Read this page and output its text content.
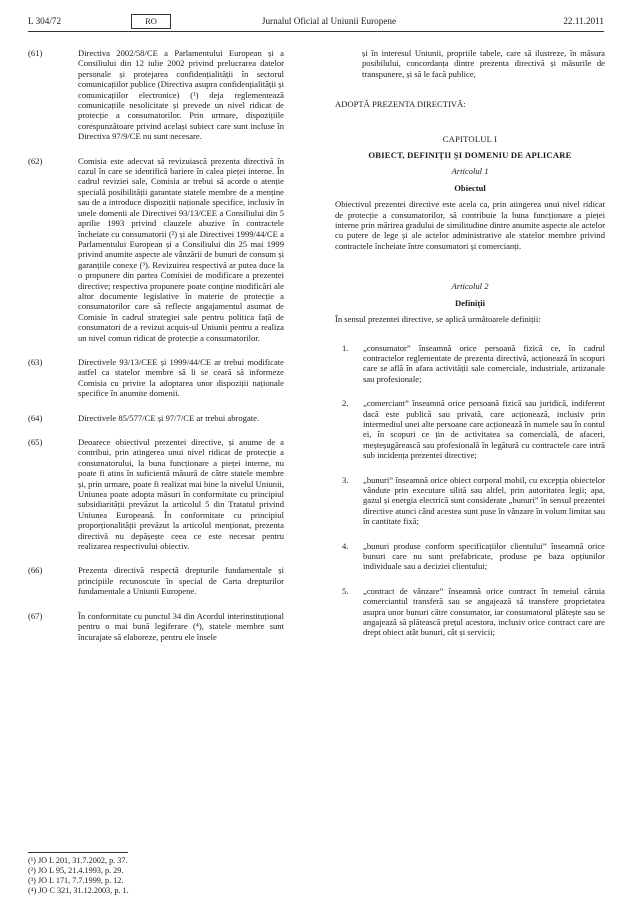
L 304/72	RO	Jurnalul Oficial al Uniunii Europene	22.11.2011
(61)	Directiva 2002/58/CE a Parlamentului European și a Consiliului din 12 iulie 2002 privind prelucrarea datelor personale și protejarea confidențialității în sectorul comunicațiilor publice (Directiva asupra confidențialității și comunicațiilor electronice) (¹) deja reglementează comunicațiile nesolicitate și prevede un nivel ridicat de protecție a consumatorilor. Prin urmare, dispozițiile corespunzătoare privind același subiect care sunt incluse în Directiva 97/9/CE nu sunt necesare.
(62)	Comisia este adecvat să revizuiască prezenta directivă în cazul în care se identifică bariere în calea pieței interne. În cadrul reviziei sale, Comisia ar trebui să acorde o atenție specială posibilității garantate statele membre de a menține sau de a introduce dispoziții naționale specifice, inclusiv în unele domenii ale Directivei 93/13/CEE a Consiliului din 5 aprilie 1993 privind clauzele abuzive în contractele încheiate cu consumatorii (²) și ale Directivei 1999/44/CE a Parlamentului European și a Consiliului din 25 mai 1999 privind anumite aspecte ale vânzării de bunuri de consum și garanțiile conexe (³). Revizuirea respectivă ar putea duce la o propunere din partea Comisiei de modificare a prezentei directive; respectiva propunere poate conține modificări ale altor documente legislative în materie de protecție a consumatorilor care să reflecte angajamentul asumat de Comisie în cadrul strategiei sale pentru politica față de consumatori de a revizui acquis-ul Uniunii pentru a realiza un nivel comun ridicat de protecție a consumatorilor.
(63)	Directivele 93/13/CEE și 1999/44/CE ar trebui modificate astfel ca statelor membre să li se ceară să informeze Comisia cu privire la adoptarea unor dispoziții naționale specifice în anumite domenii.
(64)	Directivele 85/577/CE și 97/7/CE ar trebui abrogate.
(65)	Deoarece obiectivul prezentei directive, și anume de a contribui, prin atingerea unui nivel ridicat de protecție a consumatorului, la buna funcționare a pieței interne, nu poate fi atins în suficientă măsură de către statele membre și, prin urmare, poate fi realizat mai bine la nivelul Uniunii, Uniunea poate adopta măsuri în conformitate cu principiul subsidiarității prevăzut la articolul 5 din Tratatul privind Uniunea Europeană. În conformitate cu principiul proporționalității prevăzut la articolul menționat, prezenta directivă nu depășește ceea ce este necesar pentru realizarea respectivului obiectiv.
(66)	Prezenta directivă respectă drepturile fundamentale și principiile recunoscute în special de Carta drepturilor fundamentale a Uniunii Europene.
(67)	În conformitate cu punctul 34 din Acordul interinstituțional pentru o mai bună legiferare (⁴), statele membre sunt încurajate să elaboreze, pentru ele însele
(¹) JO L 201, 31.7.2002, p. 37.
(²) JO L 95, 21.4.1993, p. 29.
(³) JO L 171, 7.7.1999, p. 12.
(⁴) JO C 321, 31.12.2003, p. 1.
și în interesul Uniunii, propriile tabele, care să ilustreze, în măsura posibilului, concordanța dintre prezenta directivă și măsurile de transpunere, și să le facă publice,
ADOPTĂ PREZENTA DIRECTIVĂ:
CAPITOLUL I
OBIECT, DEFINIȚII ȘI DOMENIU DE APLICARE
Articolul 1
Obiectul
Obiectivul prezentei directive este acela ca, prin atingerea unui nivel ridicat de protecție a consumatorilor, să contribuie la buna funcționare a pieței interne prin mărirea gradului de similitudine dintre anumite aspecte ale actelor cu putere de lege și ale actelor administrative ale statelor membre privind contractele încheiate între consumatori și comercianți.
Articolul 2
Definiții
În sensul prezentei directive, se aplică următoarele definiții:
1. „consumator” înseamnă orice persoană fizică ce, în cadrul contractelor reglementate de prezenta directivă, acționează în scopuri care se află în afara activității sale comerciale, industriale, artizanale sau profesionale;
2. „comerciant” înseamnă orice persoană fizică sau juridică, indiferent dacă este publică sau privată, care acționează, inclusiv prin intermediul unei alte persoane care acționează în numele sau în contul ei, în scopuri ce țin de activitatea sa comercială, de afaceri, meșteșugărească sau profesională în legătură cu contractele care intră sub incidența prezentei directive;
3. „bunuri” înseamnă orice obiect corporal mobil, cu excepția obiectelor vândute prin executare silită sau altfel, prin autoritatea legii; apa, gazul și energia electrică sunt considerate „bunuri” în sensul prezentei directive atunci când acestea sunt puse în vânzare în volum limitat sau în cantitate fixă;
4. „bunuri produse conform specificațiilor clientului” înseamnă orice bunuri care nu sunt prefabricate, produse pe baza opțiunilor individuale sau a deciziei clientului;
5. „contract de vânzare” înseamnă orice contract în temeiul căruia comerciantul transferă sau se angajează să transfere proprietatea asupra unor bunuri către consumator, iar consumatorul plătește sau se angajează să plătească prețul acestora, inclusiv orice contract care are drept obiect atât bunuri, cât și servicii;
